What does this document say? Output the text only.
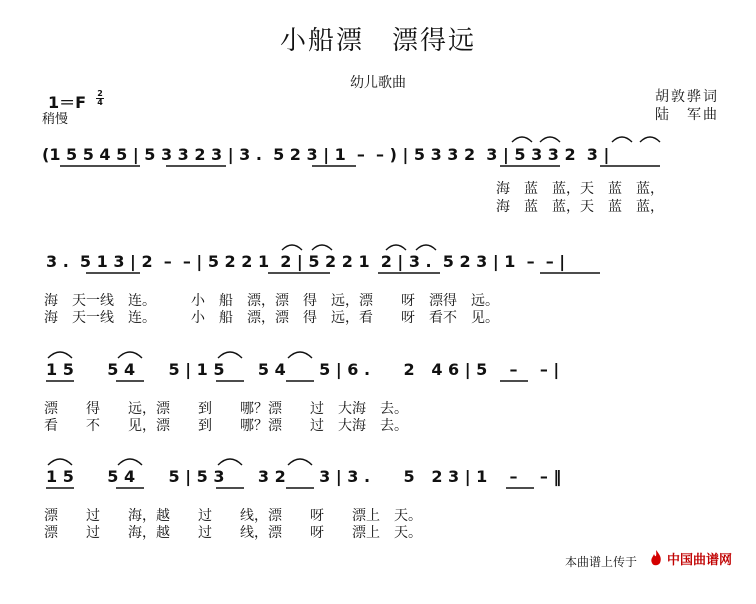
小船漂　漂得远
幼儿歌曲
胡敦骅词
陆　军曲
1＝F 2
4
稍慢
(1 5 5 4 5 | 5 3 3 2 3 | 3 .  5 2 3 | 1  –  – ) | 5 3 3 2  3 | 5 3 3 2  3 |
海　蓝　蓝，天　蓝　蓝，
海　蓝　蓝，天　蓝　蓝，
3 .  5 1 3 | 2  –  – | 5 2 2 1  2 | 5 2 2 1  2 | 3 .  5 2 3 | 1  –  – |
海　天一线　连。　　　小　船　漂，漂　得　远，漂　　呀　漂得　远。
海　天一线　连。　　　小　船　漂，漂　得　远，看　　呀　看不　见。
1 5      5 4      5 | 1 5      5 4      5 | 6 .      2   4 6 | 5    –    – |
漂　　得　　远，漂　　到　　哪？漂　　过　大海　去。
看　　不　　见，漂　　到　　哪？漂　　过　大海　去。
1 5      5 4      5 | 5 3      3 2      3 | 3 .      5   2 3 | 1    –    – ‖
漂　　过　　海，越　　过　　线，漂　　呀　　漂上　天。
漂　　过　　海，越　　过　　线，漂　　呀　　漂上　天。
本曲谱上传于

中国曲谱网
